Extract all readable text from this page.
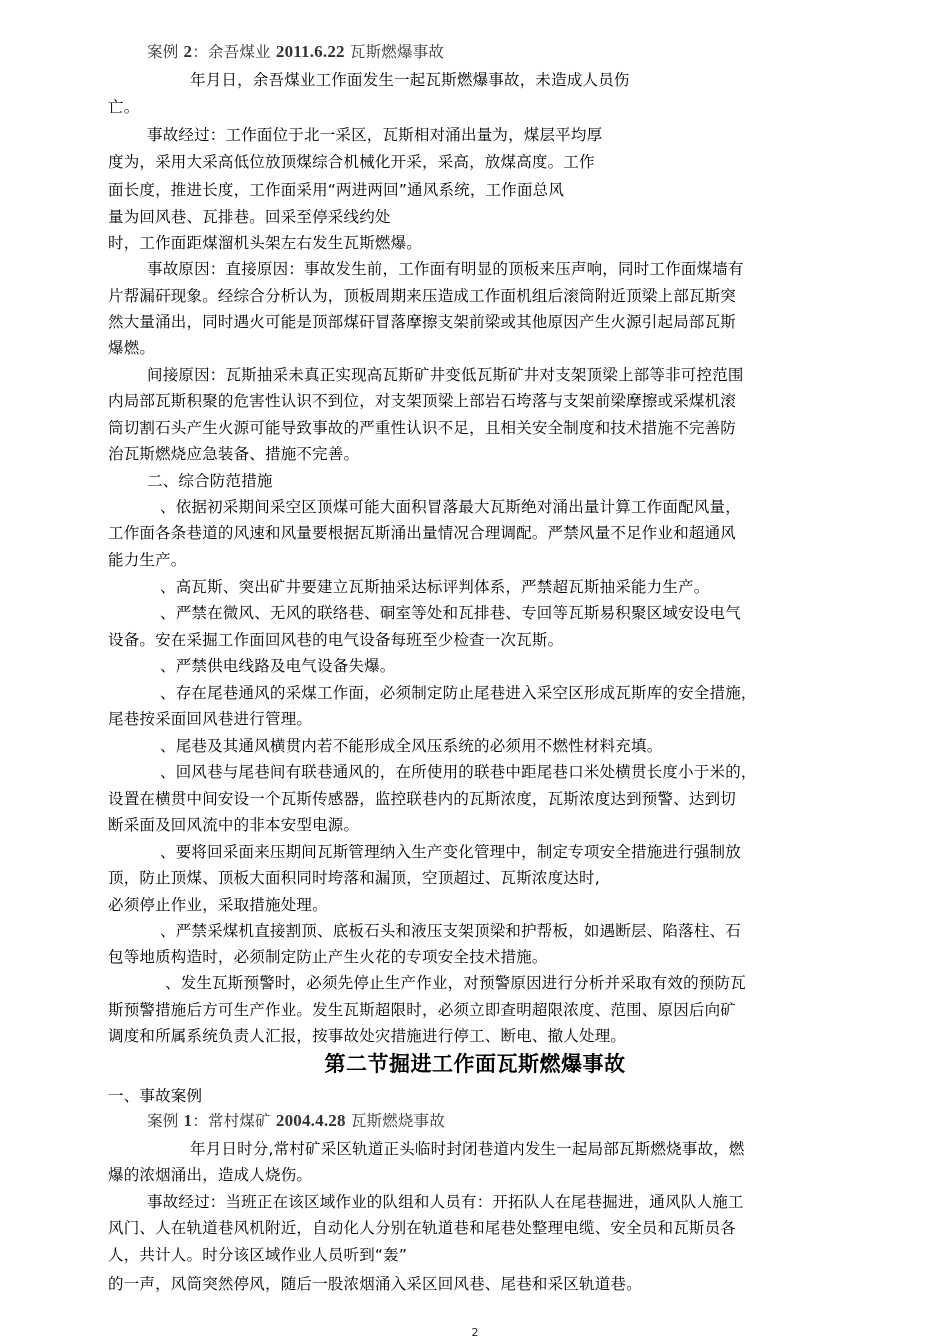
案例 2：余吾煤业 2011.6.22 瓦斯燃爆事故
年月日，余吾煤业工作面发生一起瓦斯燃爆事故，未造成人员伤
亡。
事故经过：工作面位于北一采区，瓦斯相对涌出量为，煤层平均厚
度为，采用大采高低位放顶煤综合机械化开采，采高，放煤高度。工作
面长度，推进长度，工作面采用“两进两回”通风系统，工作面总风
量为回风巷、瓦排巷。回采至停采线约处
时，工作面距煤溜机头架左右发生瓦斯燃爆。
事故原因：直接原因：事故发生前，工作面有明显的顶板来压声响，同时工作面煤墙有
片帮漏矸现象。经综合分析认为，顶板周期来压造成工作面机组后滚筒附近顶梁上部瓦斯突
然大量涌出，同时遇火可能是顶部煤矸冒落摩擦支架前梁或其他原因产生火源引起局部瓦斯
爆燃。
间接原因：瓦斯抽采未真正实现高瓦斯矿井变低瓦斯矿井对支架顶梁上部等非可控范围
内局部瓦斯积聚的危害性认识不到位，对支架顶梁上部岩石垮落与支架前梁摩擦或采煤机滚
筒切割石头产生火源可能导致事故的严重性认识不足，且相关安全制度和技术措施不完善防
治瓦斯燃烧应急装备、措施不完善。
二、综合防范措施
、依据初采期间采空区顶煤可能大面积冒落最大瓦斯绝对涌出量计算工作面配风量，
工作面各条巷道的风速和风量要根据瓦斯涌出量情况合理调配。严禁风量不足作业和超通风
能力生产。
、高瓦斯、突出矿井要建立瓦斯抽采达标评判体系，严禁超瓦斯抽采能力生产。
、严禁在微风、无风的联络巷、硐室等处和瓦排巷、专回等瓦斯易积聚区域安设电气
设备。安在采掘工作面回风巷的电气设备每班至少检查一次瓦斯。
、严禁供电线路及电气设备失爆。
、存在尾巷通风的采煤工作面，必须制定防止尾巷进入采空区形成瓦斯库的安全措施，
尾巷按采面回风巷进行管理。
、尾巷及其通风横贯内若不能形成全风压系统的必须用不燃性材料充填。
、回风巷与尾巷间有联巷通风的，在所使用的联巷中距尾巷口米处横贯长度小于米的，
设置在横贯中间安设一个瓦斯传感器，监控联巷内的瓦斯浓度，瓦斯浓度达到预警、达到切
断采面及回风流中的非本安型电源。
、要将回采面来压期间瓦斯管理纳入生产变化管理中，制定专项安全措施进行强制放
顶，防止顶煤、顶板大面积同时垮落和漏顶，空顶超过、瓦斯浓度达时,
必须停止作业，采取措施处理。
、严禁采煤机直接割顶、底板石头和液压支架顶梁和护帮板，如遇断层、陷落柱、石
包等地质构造时，必须制定防止产生火花的专项安全技术措施。
、发生瓦斯预警时，必须先停止生产作业，对预警原因进行分析并采取有效的预防瓦
斯预警措施后方可生产作业。发生瓦斯超限时，必须立即查明超限浓度、范围、原因后向矿
调度和所属系统负责人汇报，按事故处灾措施进行停工、断电、撤人处理。
第二节掘进工作面瓦斯燃爆事故
一、事故案例
案例 1：常村煤矿 2004.4.28 瓦斯燃烧事故
年月日时分,常村矿采区轨道正头临时封闭巷道内发生一起局部瓦斯燃烧事故，燃
爆的浓烟涌出，造成人烧伤。
事故经过：当班正在该区域作业的队组和人员有：开拓队人在尾巷掘进，通风队人施工
风门、人在轨道巷风机附近，自动化人分别在轨道巷和尾巷处整理电缆、安全员和瓦斯员各
人，共计人。时分该区域作业人员听到“轰”
的一声，风筒突然停风，随后一股浓烟涌入采区回风巷、尾巷和采区轨道巷。
2
